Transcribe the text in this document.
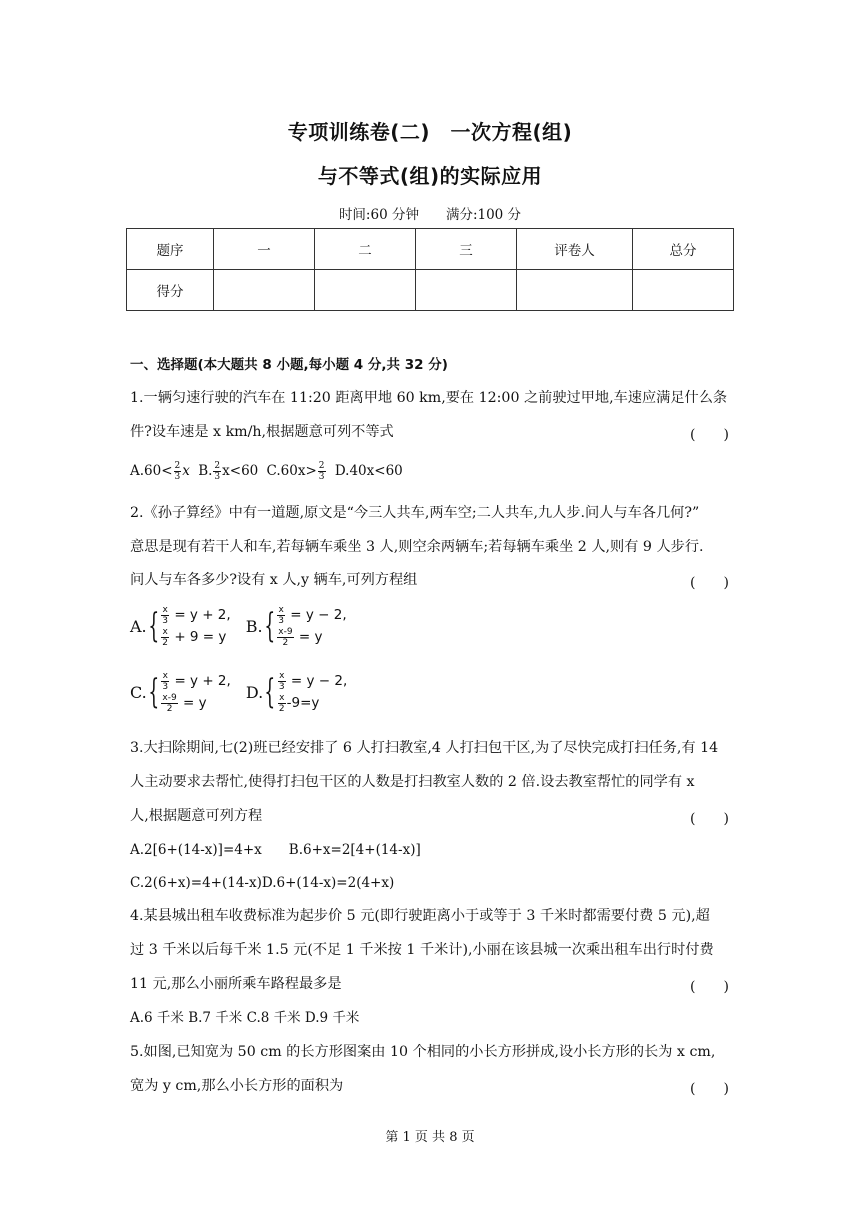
专项训练卷(二)　一次方程(组)
与不等式(组)的实际应用
时间:60 分钟　　满分:100 分
题序	一	二	三	评卷人	总分
得分					
一、选择题(本大题共 8 小题,每小题 4 分,共 32 分)
1.一辆匀速行驶的汽车在 11:20 距离甲地 60 km,要在 12:00 之前驶过甲地,车速应满足什么条
件?设车速是 x km/h,根据题意可列不等式	(　　)
$A.60< \frac{2}{3}$ x B. $\frac{2}{3} x<60$ $C.60x> \frac{2}{3} D.40x<60$
2.《孙子算经》中有一道题,原文是“今三人共车,两车空;二人共车,九人步.问人与车各几何?”
意思是现有若干人和车,若每辆车乘坐 3 人,则空余两辆车;若每辆车乘坐 2 人,则有 9 人步行.
问人与车各多少?设有 x 人,y 辆车,可列方程组	(　　)
A. { $\frac{x}{3}$
= y + 2,
$\frac{x}{2}$
+ 9 = y

B. { $\frac{x}{3}$
= y − 2,
$\frac{x-9}{2}$
= y
C. { $\frac{x}{3}$
= y + 2,
$\frac{x-9}{2}$
= y

D. { $\frac{x}{3}$
= y − 2,
$\frac{x}{2} -9=y$
3.大扫除期间,七(2)班已经安排了 6 人打扫教室,4 人打扫包干区,为了尽快完成打扫任务,有 14
人主动要求去帮忙,使得打扫包干区的人数是打扫教室人数的 2 倍.设去教室帮忙的同学有 x
人,根据题意可列方程	(　　)
A.2[6+(14-x)]=4+x　　B.6+x=2[4+(14-x)]
C.2(6+x)=4+(14-x)D.6+(14-x)=2(4+x)
4.某县城出租车收费标准为起步价 5 元(即行驶距离小于或等于 3 千米时都需要付费 5 元),超
过 3 千米以后每千米 1.5 元(不足 1 千米按 1 千米计),小丽在该县城一次乘出租车出行时付费
11 元,那么小丽所乘车路程最多是	(　　)
A.6 千米 B.7 千米 C.8 千米 D.9 千米
5.如图,已知宽为 50 cm 的长方形图案由 10 个相同的小长方形拼成,设小长方形的长为 x cm,
宽为 y cm,那么小长方形的面积为	(　　)
第 1 页 共 8 页
